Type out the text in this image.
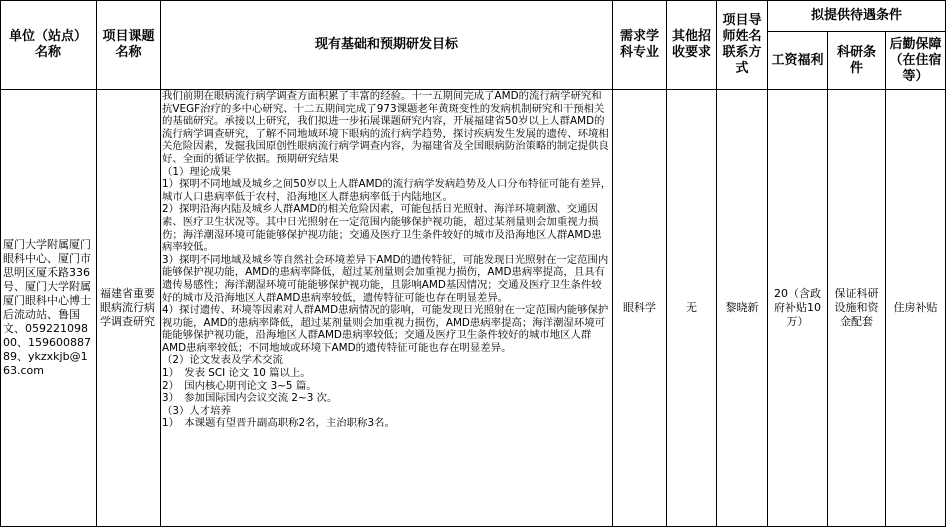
单位（站点）名称
项目课题名称
现有基础和预期研发目标
需求学科专业
其他招收要求
项目导师姓名联系方式
拟提供待遇条件
工资福利
科研条件
后勤保障（在住宿等）
厦门大学附属厦门眼科中心、厦门市思明区厦禾路336号、厦门大学附属厦门眼科中心博士后流动站、鲁国文、05922109800、15960088789、ykzxkjb@163.com
福建省重要眼病流行病学调查研究

我们前期在眼病流行病学调查方面积累了丰富的经验。十一五期间完成了AMD的流行病学研究和抗VEGF治疗的多中心研究、十二五期间完成了973课题老年黄斑变性的发病机制研究和干预相关的基础研究。承接以上研究，我们拟进一步拓展课题研究内容，开展福建省50岁以上人群AMD的流行病学调查研究，了解不同地域环境下眼病的流行病学趋势，探讨疾病发生发展的遗传、环境相关危险因素，发掘我国原创性眼病流行病学调查内容，为福建省及全国眼病防治策略的制定提供良好、全面的循证学依据。预期研究结果

（1）理论成果

1）探明不同地域及城乡之间50岁以上人群AMD的流行病学发病趋势及人口分布特征可能有差异，城市人口患病率低于农村，沿海地区人群患病率低于内陆地区。

2）探明沿海内陆及城乡人群AMD的相关危险因素，可能包括日光照射、海洋环境刺激、交通因素、医疗卫生状况等。其中日光照射在一定范围内能够保护视功能，超过某剂量则会加重视力损伤；海洋潮湿环境可能能够保护视功能；交通及医疗卫生条件较好的城市及沿海地区人群AMD患病率较低。

3）探明不同地域及城乡等自然社会环境差异下AMD的遗传特征，可能发现日光照射在一定范围内能够保护视功能，AMD的患病率降低，超过某剂量则会加重视力损伤，AMD患病率提高，且具有遗传易感性；海洋潮湿环境可能能够保护视功能，且影响AMD基因情况；交通及医疗卫生条件较好的城市及沿海地区人群AMD患病率较低，遗传特征可能也存在明显差异。

4）探讨遗传、环境等因素对人群AMD患病情况的影响，可能发现日光照射在一定范围内能够保护视功能，AMD的患病率降低，超过某剂量则会加重视力损伤，AMD患病率提高；海洋潮湿环境可能能够保护视功能，沿海地区人群AMD患病率较低；交通及医疗卫生条件较好的城市地区人群AMD患病率较低；不同地域或环境下AMD的遗传特征可能也存在明显差异。

（2）论文发表及学术交流

1）　发表 SCI 论文 10 篇以上。

2）　国内核心期刊论文 3~5 篇。

3）　参加国际国内会议交流 2~3 次。

（3）人才培养

1）　本课题有望晋升副高职称2名，主治职称3名。

眼科学	无	黎晓新
20（含政府补贴10万）
保证科研设施和资金配套
住房补贴
